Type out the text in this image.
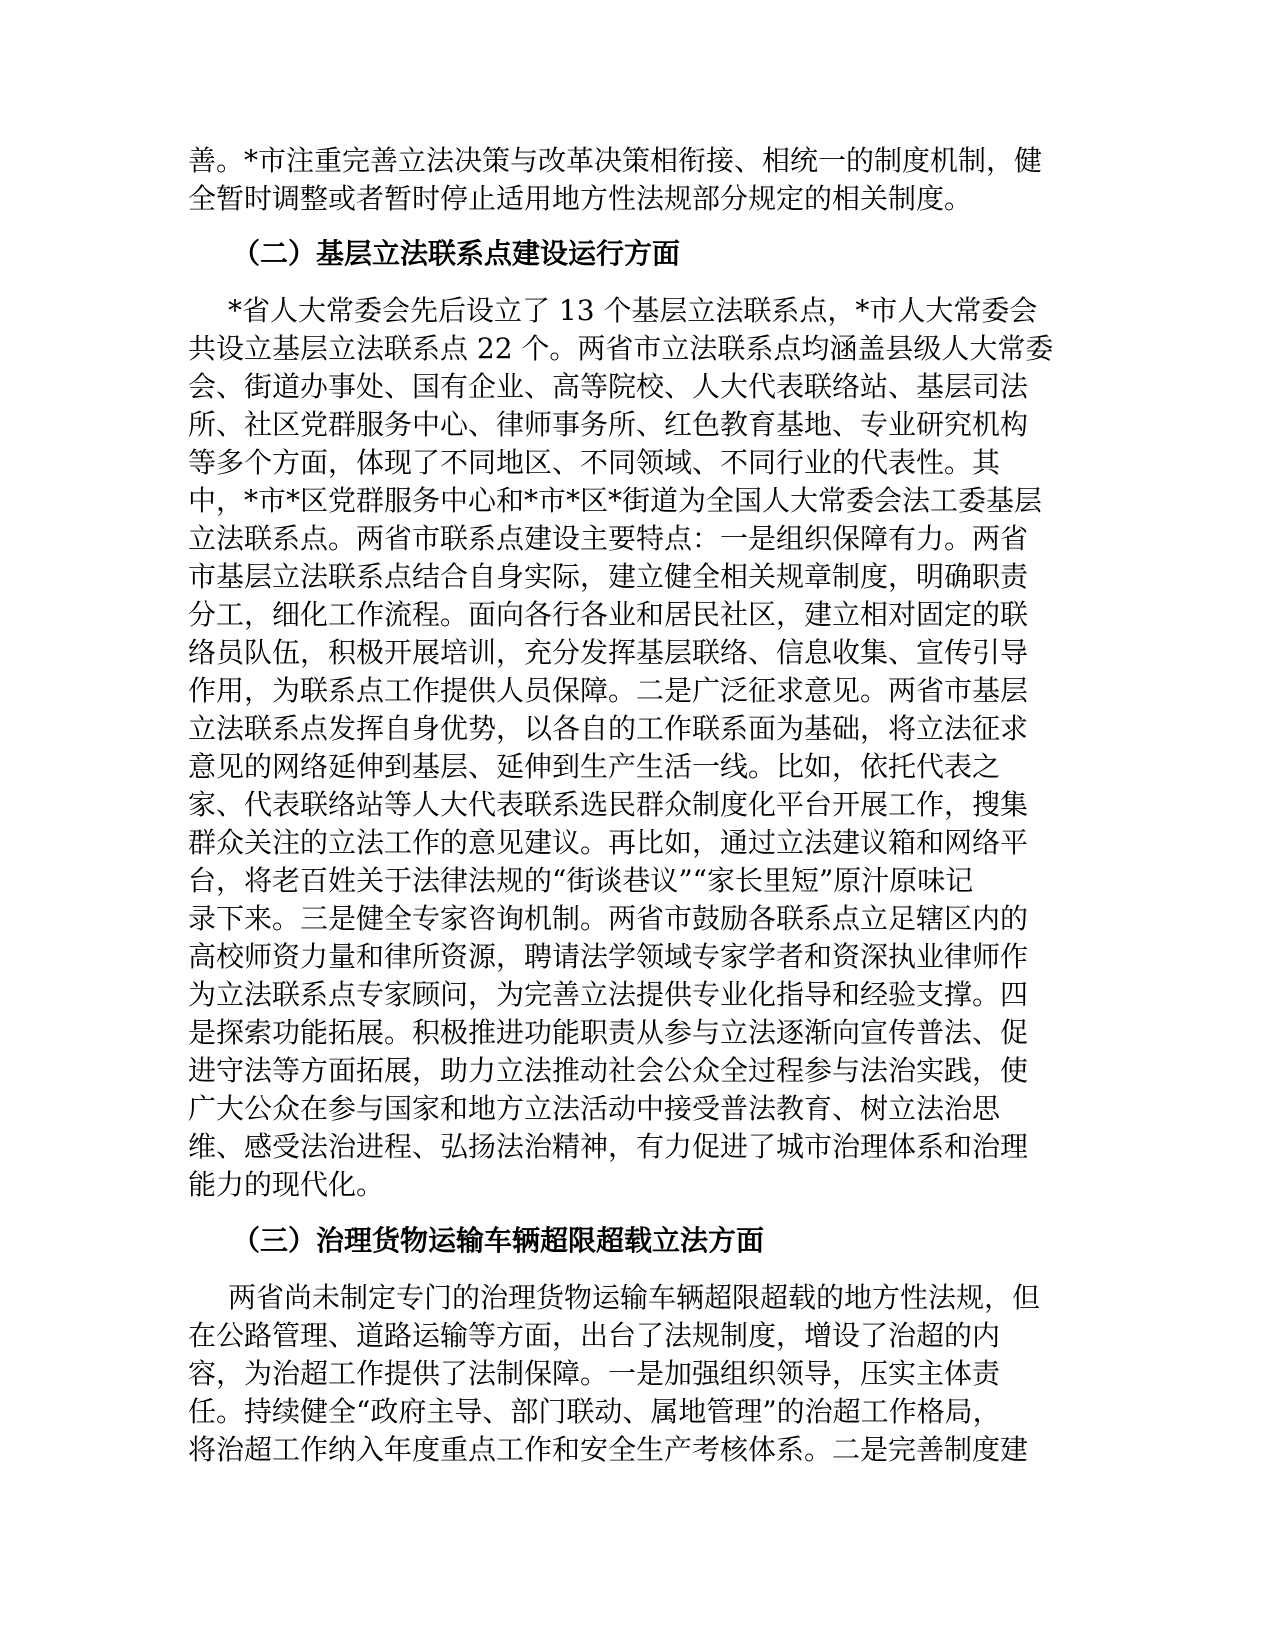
善。*市注重完善立法决策与改革决策相衔接、相统一的制度机制，健
全暂时调整或者暂时停止适用地方性法规部分规定的相关制度。
（二）基层立法联系点建设运行方面
*省人大常委会先后设立了 13 个基层立法联系点，*市人大常委会
共设立基层立法联系点 22 个。两省市立法联系点均涵盖县级人大常委
会、街道办事处、国有企业、高等院校、人大代表联络站、基层司法
所、社区党群服务中心、律师事务所、红色教育基地、专业研究机构
等多个方面，体现了不同地区、不同领域、不同行业的代表性。其
中，*市*区党群服务中心和*市*区*街道为全国人大常委会法工委基层
立法联系点。两省市联系点建设主要特点：一是组织保障有力。两省
市基层立法联系点结合自身实际，建立健全相关规章制度，明确职责
分工，细化工作流程。面向各行各业和居民社区，建立相对固定的联
络员队伍，积极开展培训，充分发挥基层联络、信息收集、宣传引导
作用，为联系点工作提供人员保障。二是广泛征求意见。两省市基层
立法联系点发挥自身优势，以各自的工作联系面为基础，将立法征求
意见的网络延伸到基层、延伸到生产生活一线。比如，依托代表之
家、代表联络站等人大代表联系选民群众制度化平台开展工作，搜集
群众关注的立法工作的意见建议。再比如，通过立法建议箱和网络平
台，将老百姓关于法律法规的“街谈巷议”“家长里短”原汁原味记
录下来。三是健全专家咨询机制。两省市鼓励各联系点立足辖区内的
高校师资力量和律所资源，聘请法学领域专家学者和资深执业律师作
为立法联系点专家顾问，为完善立法提供专业化指导和经验支撑。四
是探索功能拓展。积极推进功能职责从参与立法逐渐向宣传普法、促
进守法等方面拓展，助力立法推动社会公众全过程参与法治实践，使
广大公众在参与国家和地方立法活动中接受普法教育、树立法治思
维、感受法治进程、弘扬法治精神，有力促进了城市治理体系和治理
能力的现代化。
（三）治理货物运输车辆超限超载立法方面
两省尚未制定专门的治理货物运输车辆超限超载的地方性法规，但
在公路管理、道路运输等方面，出台了法规制度，增设了治超的内
容，为治超工作提供了法制保障。一是加强组织领导，压实主体责
任。持续健全“政府主导、部门联动、属地管理”的治超工作格局，
将治超工作纳入年度重点工作和安全生产考核体系。二是完善制度建
